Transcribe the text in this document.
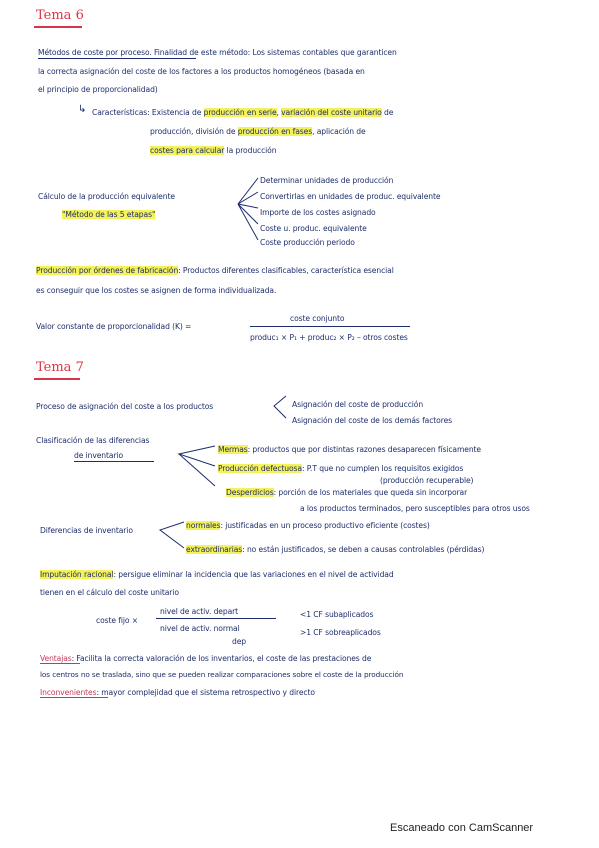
Tema 6
Métodos de coste por proceso. Finalidad de este método: Los sistemas contables que garanticen
la correcta asignación del coste de los factores a los productos homogéneos (basada en
el principio de proporcionalidad)
↳ Características: Existencia de producción en serie, variación del coste unitario de
producción, división de producción en fases, aplicación de
costes para calcular la producción
Cálculo de la producción equivalente
"Método de las 5 etapas"
Determinar unidades de producción
Convertirlas en unidades de produc. equivalente
Importe de los costes asignado
Coste u. produc. equivalente
Coste producción periodo
Producción por órdenes de fabricación: Productos diferentes clasificables, característica esencial
es conseguir que los costes se asignen de forma individualizada.
Valor constante de proporcionalidad (K) =
coste conjunto
produc₁ × P₁ + produc₂ × P₂ – otros costes
Tema 7
Proceso de asignación del coste a los productos	Asignación del coste de producción
Asignación del coste de los demás factores
Clasificación de las diferencias
de inventario
Mermas: productos que por distintas razones desaparecen físicamente
Producción defectuosa: P.T que no cumplen los requisitos exigidos
(producción recuperable)
Desperdicios: porción de los materiales que queda sin incorporar
a los productos terminados, pero susceptibles para otros usos
Diferencias de inventario
normales: justificadas en un proceso productivo eficiente (costes)
extraordinarias: no están justificados, se deben a causas controlables (pérdidas)
Imputación racional: persigue eliminar la incidencia que las variaciones en el nivel de actividad
tienen en el cálculo del coste unitario
coste fijo ×
nivel de activ. depart
nivel de activ. normal
dep
<1 CF subaplicados
>1 CF sobreaplicados
Ventajas: Facilita la correcta valoración de los inventarios, el coste de las prestaciones de
los centros no se traslada, sino que se pueden realizar comparaciones sobre el coste de la producción
Inconvenientes: mayor complejidad que el sistema retrospectivo y directo
Escaneado con CamScanner
